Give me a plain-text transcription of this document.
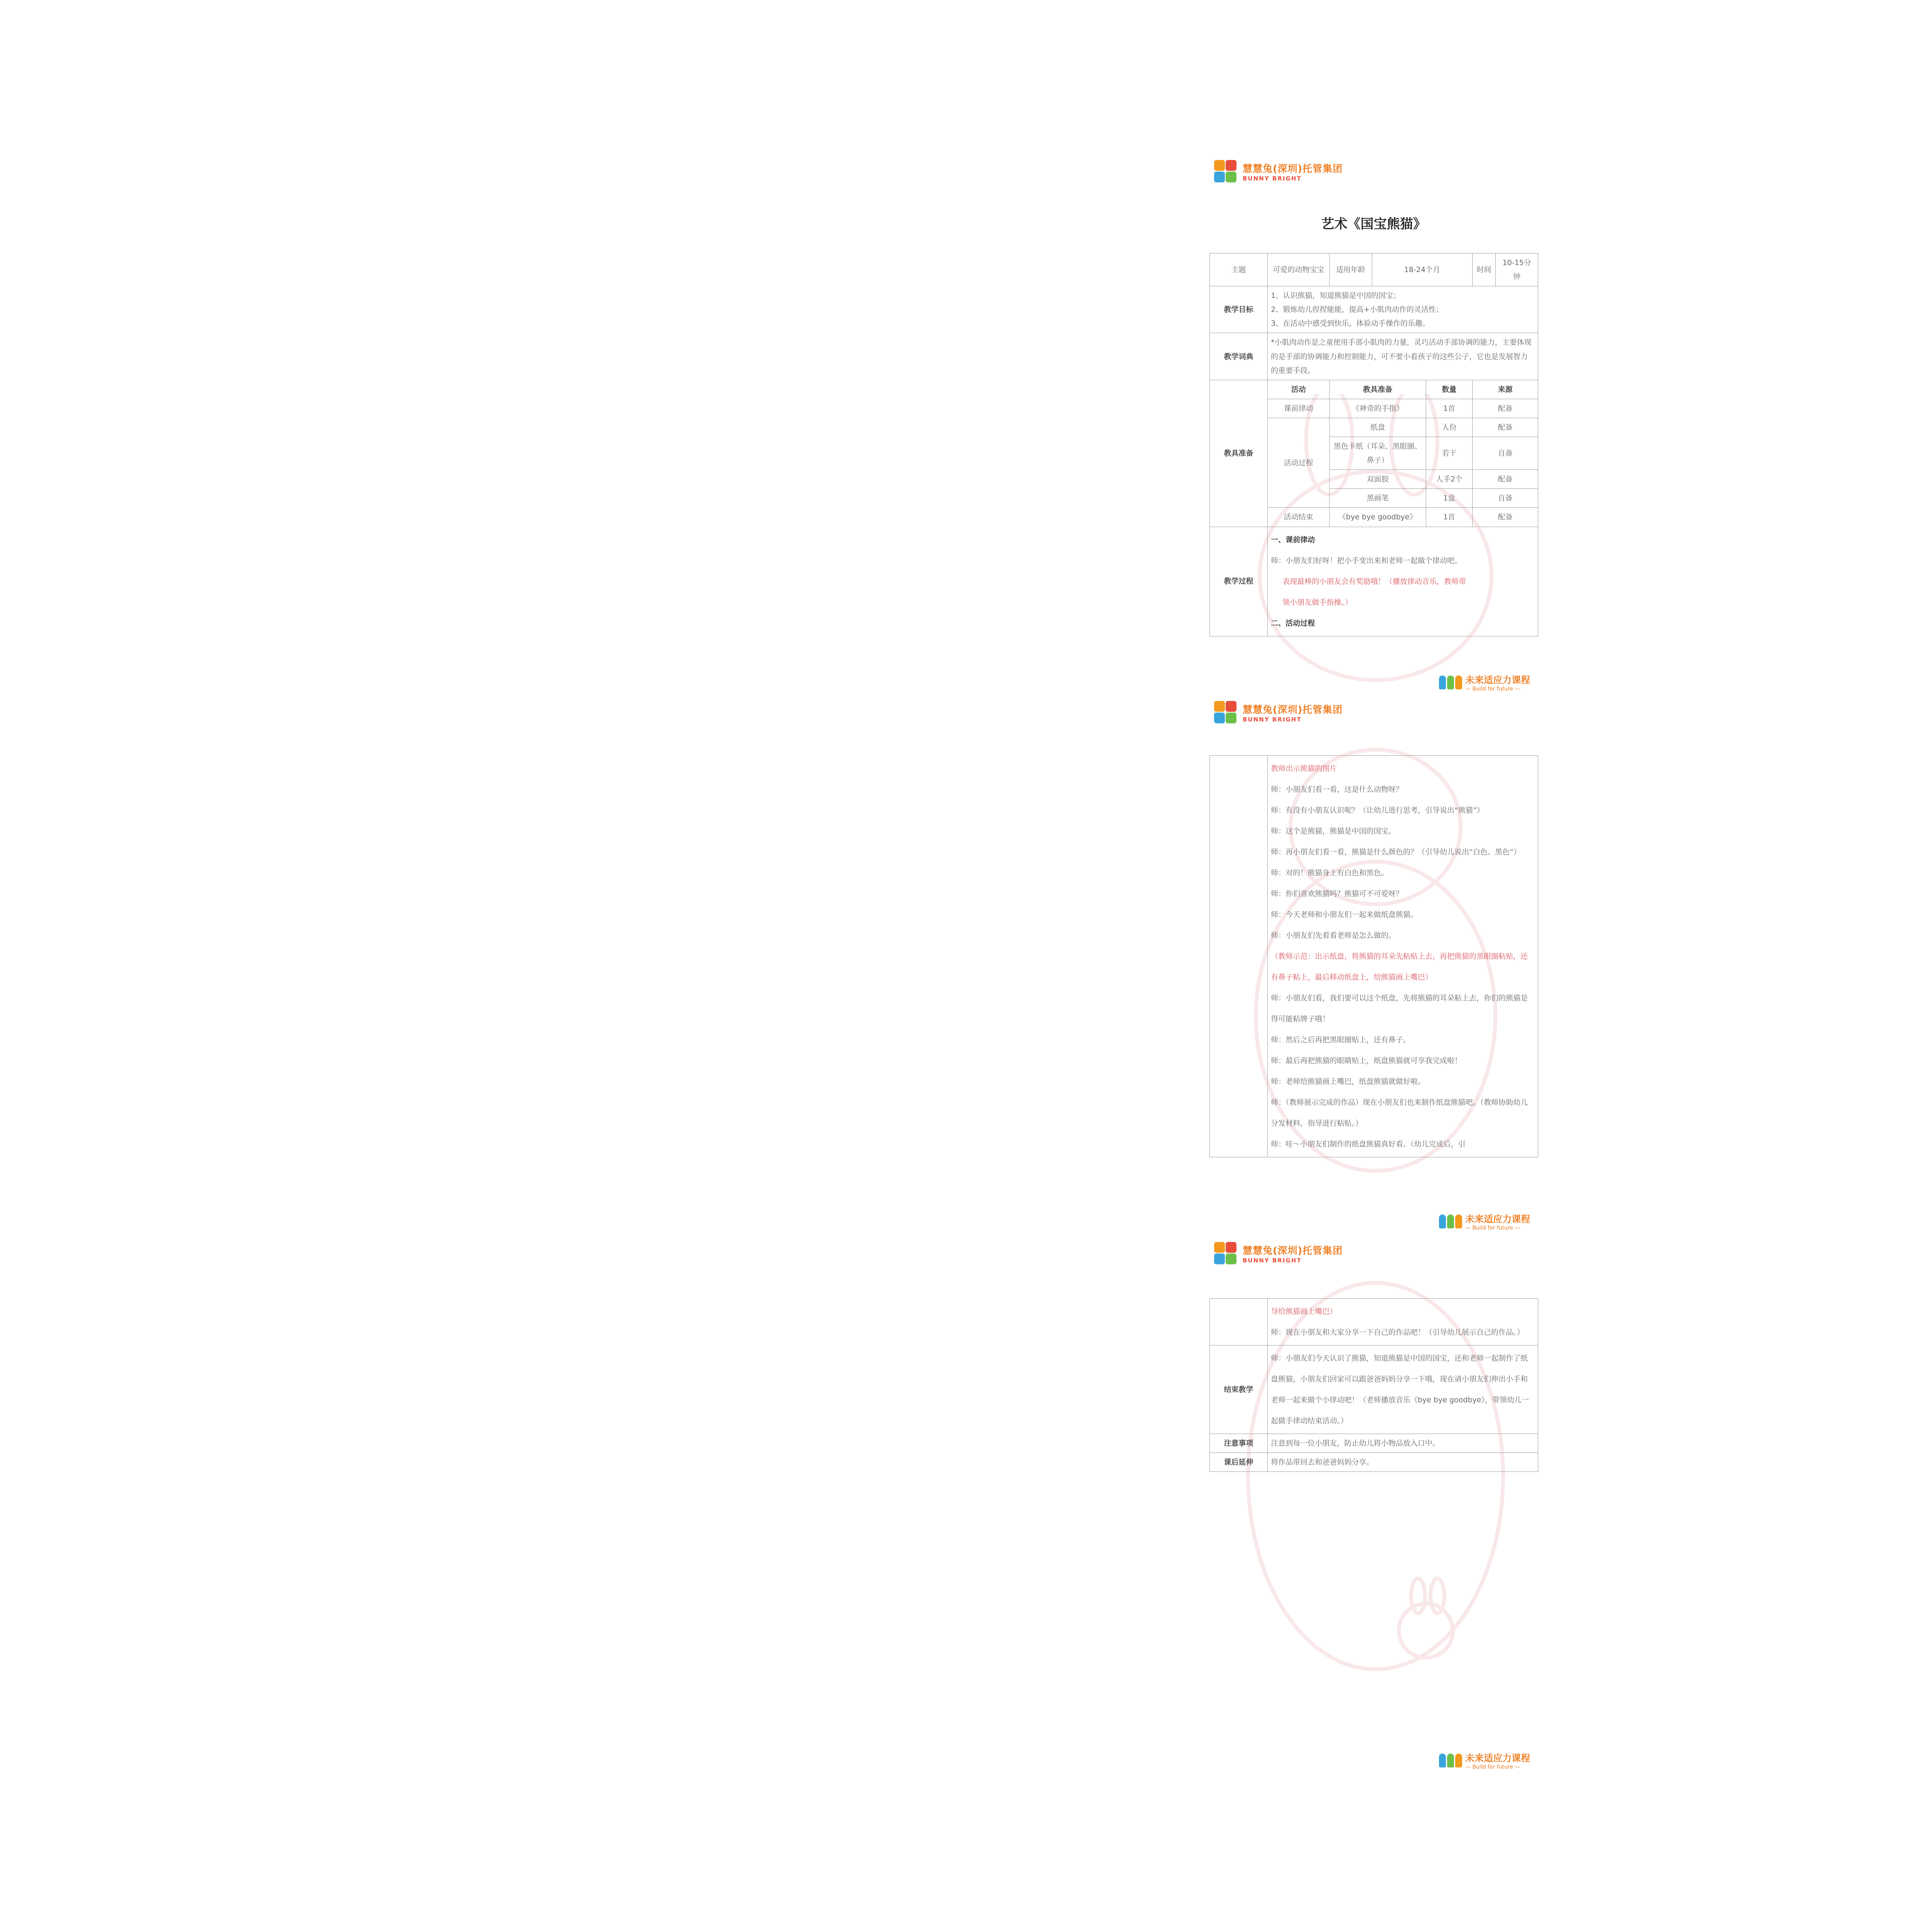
慧慧兔(深圳)托管集团
BUNNY BRIGHT
艺术《国宝熊猫》
主题	可爱的动物宝宝	适用年龄	18-24个月		时间	10-15分钟
教学目标	1、认识熊猫，知道熊猫是中国的国宝；
2、锻炼幼儿捏捏能能，提高+小肌肉动作的灵活性；
3、在活动中感受到快乐，体验动手操作的乐趣。					

教学词典	*小肌肉动作是之童使用手部小肌肉的力量，灵巧活动手部协调的能力，主要体现的是手部的协调能力和控制能力，可不要小看孩子的这些公子，它也是发展智力的重要手段。					
教具准备	活动	教具准备		数量	来源	
	课前律动	《神奇的手指》		1首	配备	
	活动过程	纸盘		人份	配备	
		黑色卡纸（耳朵、黑眼圈、鼻子）		若干	自备	
		双面胶		人手2个	配备	
		黑画笔		1盒	自备	
	活动结束	《bye bye goodbye》		1首	配备	
教学过程	一、课前律动
师：小朋友们好呀！把小手变出来和老师一起做个律动吧。
表现最棒的小朋友会有奖励哦！（播放律动音乐，教师带
领小朋友做手指操。）
二、活动过程					
未来适应力课程
— Build for future —
慧慧兔(深圳)托管集团
BUNNY BRIGHT

教师出示熊猫的图片
师：小朋友们看一看，这是什么动物呀？
师：有没有小朋友认识呢？（让幼儿进行思考，引导说出“熊猫”）
师：这个是熊猫，熊猫是中国的国宝。
师：再小朋友们看一看，熊猫是什么颜色的？（引导幼儿说出“白色、黑色”）
师：对的！熊猫身上有白色和黑色。
师：你们喜欢熊猫吗？熊猫可不可爱呀？
师：今天老师和小朋友们一起来做纸盘熊猫。
师：小朋友们先看看老师是怎么做的。
（教师示范：出示纸盘，将熊猫的耳朵先粘贴上去，再把熊猫的黑眼圈粘贴，还有鼻子粘上，最后移动纸盘上，给熊猫画上嘴巴）
师：小朋友们看，我们要可以这个纸盘，先将熊猫的耳朵粘上去，你们的熊猫是得可能粘牌子哦！
师：然后之后再把黑眼圈贴上，还有鼻子。
师：最后再把熊猫的眼睛贴上，纸盘熊猫就可享我完成啦！
师：老师给熊猫画上嘴巴，纸盘熊猫就做好啦。
师：（教师展示完成的作品）现在小朋友们也来制作纸盘熊猫吧。（教师协助幼儿分发材料，指导进行粘贴。）
师：哇～小朋友们制作的纸盘熊猫真好看。（幼儿完成后，引
未来适应力课程
— Build for future —
慧慧兔(深圳)托管集团
BUNNY BRIGHT

	导给熊猫画上嘴巴）
师：现在小朋友和大家分享一下自己的作品吧！（引导幼儿展示自己的作品。）

结束教学	师：小朋友们今天认识了熊猫，知道熊猫是中国的国宝，还和老师一起制作了纸盘熊猫，小朋友们回家可以跟爸爸妈妈分享一下哦，现在请小朋友们伸出小手和老师一起来做个小律动吧！（老师播放音乐《bye bye goodbye》，带领幼儿一起做手律动结束活动。）
注意事项	注意到每一位小朋友，防止幼儿将小物品放入口中。
课后延伸	将作品带回去和爸爸妈妈分享。
未来适应力课程
— Build for future —
